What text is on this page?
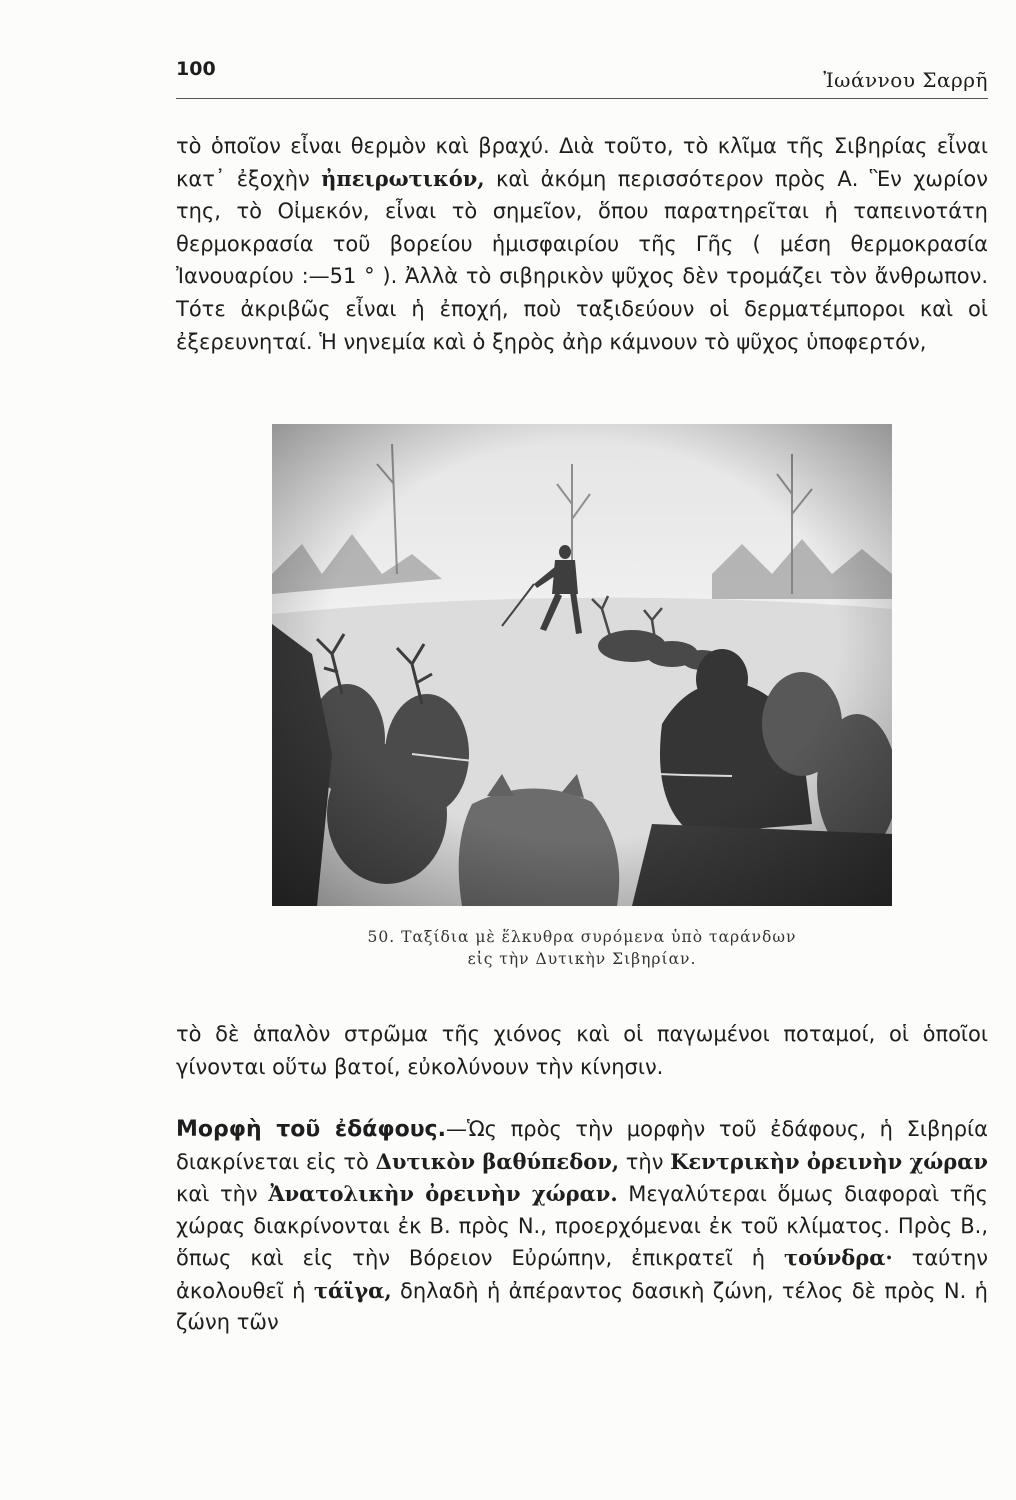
100	Ἰωάννου Σαρρῆ

τὸ ὁποῖον εἶναι θερμὸν καὶ βραχύ. Διὰ τοῦτο, τὸ κλῖμα τῆς Σιβηρίας εἶναι κατ᾽ ἐξοχὴν ἠπειρωτικόν, καὶ ἀκόμη περισσότερον πρὸς Α. Ἓν χωρίον της, τὸ Οἰμεκόν, εἶναι τὸ σημεῖον, ὅπου παρατηρεῖται ἡ ταπεινοτάτη θερμοκρασία τοῦ βορείου ἡμισφαιρίου τῆς Γῆς ( μέση θερμοκρασία Ἰανουαρίου :—51 ° ). Ἀλλὰ τὸ σιβηρικὸν ψῦχος δὲν τρομάζει τὸν ἄνθρωπον. Τότε ἀκριβῶς εἶναι ἡ ἐποχή, ποὺ ταξιδεύουν οἱ δερματέμποροι καὶ οἱ ἐξερευνηταί. Ἡ νηνεμία καὶ ὁ ξηρὸς ἀὴρ κάμνουν τὸ ψῦχος ὑποφερτόν,

50. Ταξίδια μὲ ἕλκυθρα συρόμενα ὑπὸ ταράνδων
εἰς τὴν Δυτικὴν Σιβηρίαν.

τὸ δὲ ἁπαλὸν στρῶμα τῆς χιόνος καὶ οἱ παγωμένοι ποταμοί, οἱ ὁποῖοι γίνονται οὕτω βατοί, εὐκολύνουν τὴν κίνησιν.

Μορφὴ τοῦ ἐδάφους.—Ὡς πρὸς τὴν μορφὴν τοῦ ἐδάφους, ἡ Σιβηρία διακρίνεται εἰς τὸ Δυτικὸν βαθύπεδον, τὴν Κεντρικὴν ὀρεινὴν χώραν καὶ τὴν Ἀνατολικὴν ὀρεινὴν χώραν. Μεγαλύτεραι ὅμως διαφοραὶ τῆς χώρας διακρίνονται ἐκ Β. πρὸς Ν., προερχόμεναι ἐκ τοῦ κλίματος. Πρὸς Β., ὅπως καὶ εἰς τὴν Βόρειον Εὐρώπην, ἐπικρατεῖ ἡ τούνδρα· ταύτην ἀκολουθεῖ ἡ τάϊγα, δηλαδὴ ἡ ἀπέραντος δασικὴ ζώνη, τέλος δὲ πρὸς Ν. ἡ ζώνη τῶν
